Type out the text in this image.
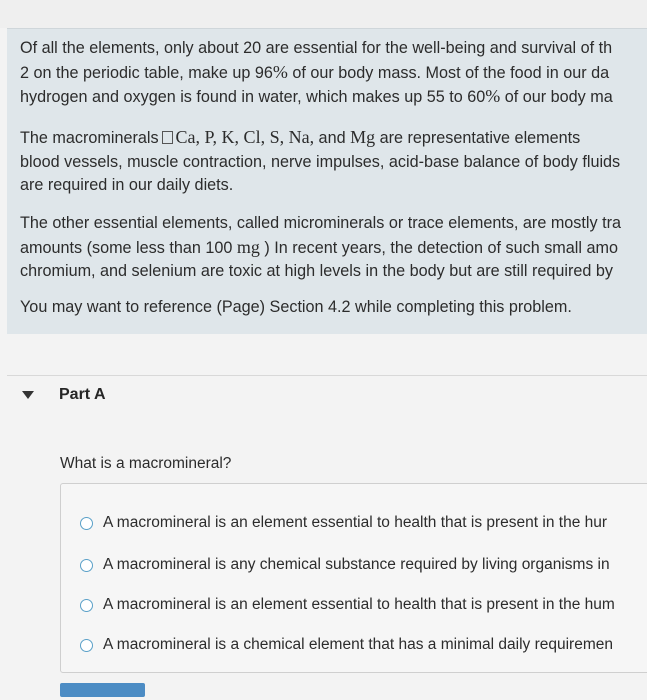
Of all the elements, only about 20 are essential for the well-being and survival of th
2 on the periodic table, make up 96% of our body mass. Most of the food in our da
hydrogen and oxygen is found in water, which makes up 55 to 60% of our body ma

The macrominerals Ca, P, K, Cl, S, Na, and Mg are representative elements
blood vessels, muscle contraction, nerve impulses, acid-base balance of body fluids
are required in our daily diets.

The other essential elements, called microminerals or trace elements, are mostly tra
amounts (some less than 100 mg ) In recent years, the detection of such small amo
chromium, and selenium are toxic at high levels in the body but are still required by

You may want to reference (Page) Section 4.2 while completing this problem.

Part A
What is a macromineral?
A macromineral is an element essential to health that is present in the hur
A macromineral is any chemical substance required by living organisms in
A macromineral is an element essential to health that is present in the hum
A macromineral is a chemical element that has a minimal daily requiremen
